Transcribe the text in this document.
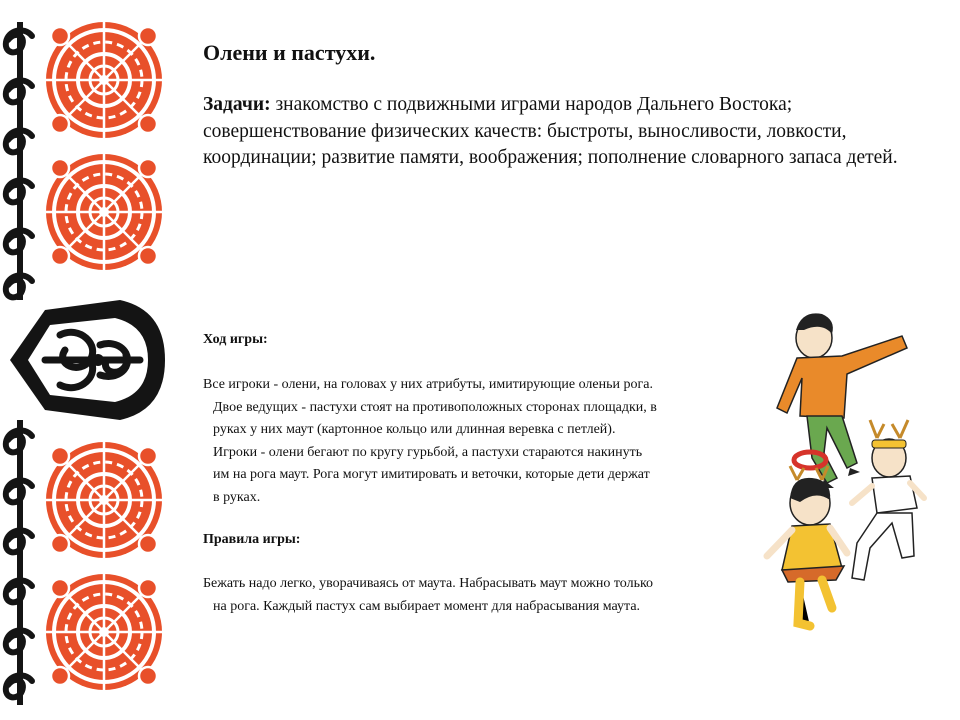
Олени и пастухи.

Задачи: знакомство с подвижными играми народов Дальнего Востока; совершенствование физических качеств: быстроты, выносливости, ловкости, координации; развитие памяти, воображения; пополнение словарного запаса детей.

Ход игры:
Все игроки - олени, на головах у них атрибуты, имитирующие оленьи рога.
Двое ведущих - пастухи стоят на противоположных сторонах площадки, в
руках у них маут (картонное кольцо или длинная веревка с петлей).
Игроки - олени бегают по кругу гурьбой, а пастухи стараются накинуть
им на рога маут. Рога могут имитировать и веточки, которые дети держат
в руках.
Правила игры:
Бежать надо легко, уворачиваясь от маута. Набрасывать маут можно только
на рога. Каждый пастух сам выбирает момент для набрасывания маута.
